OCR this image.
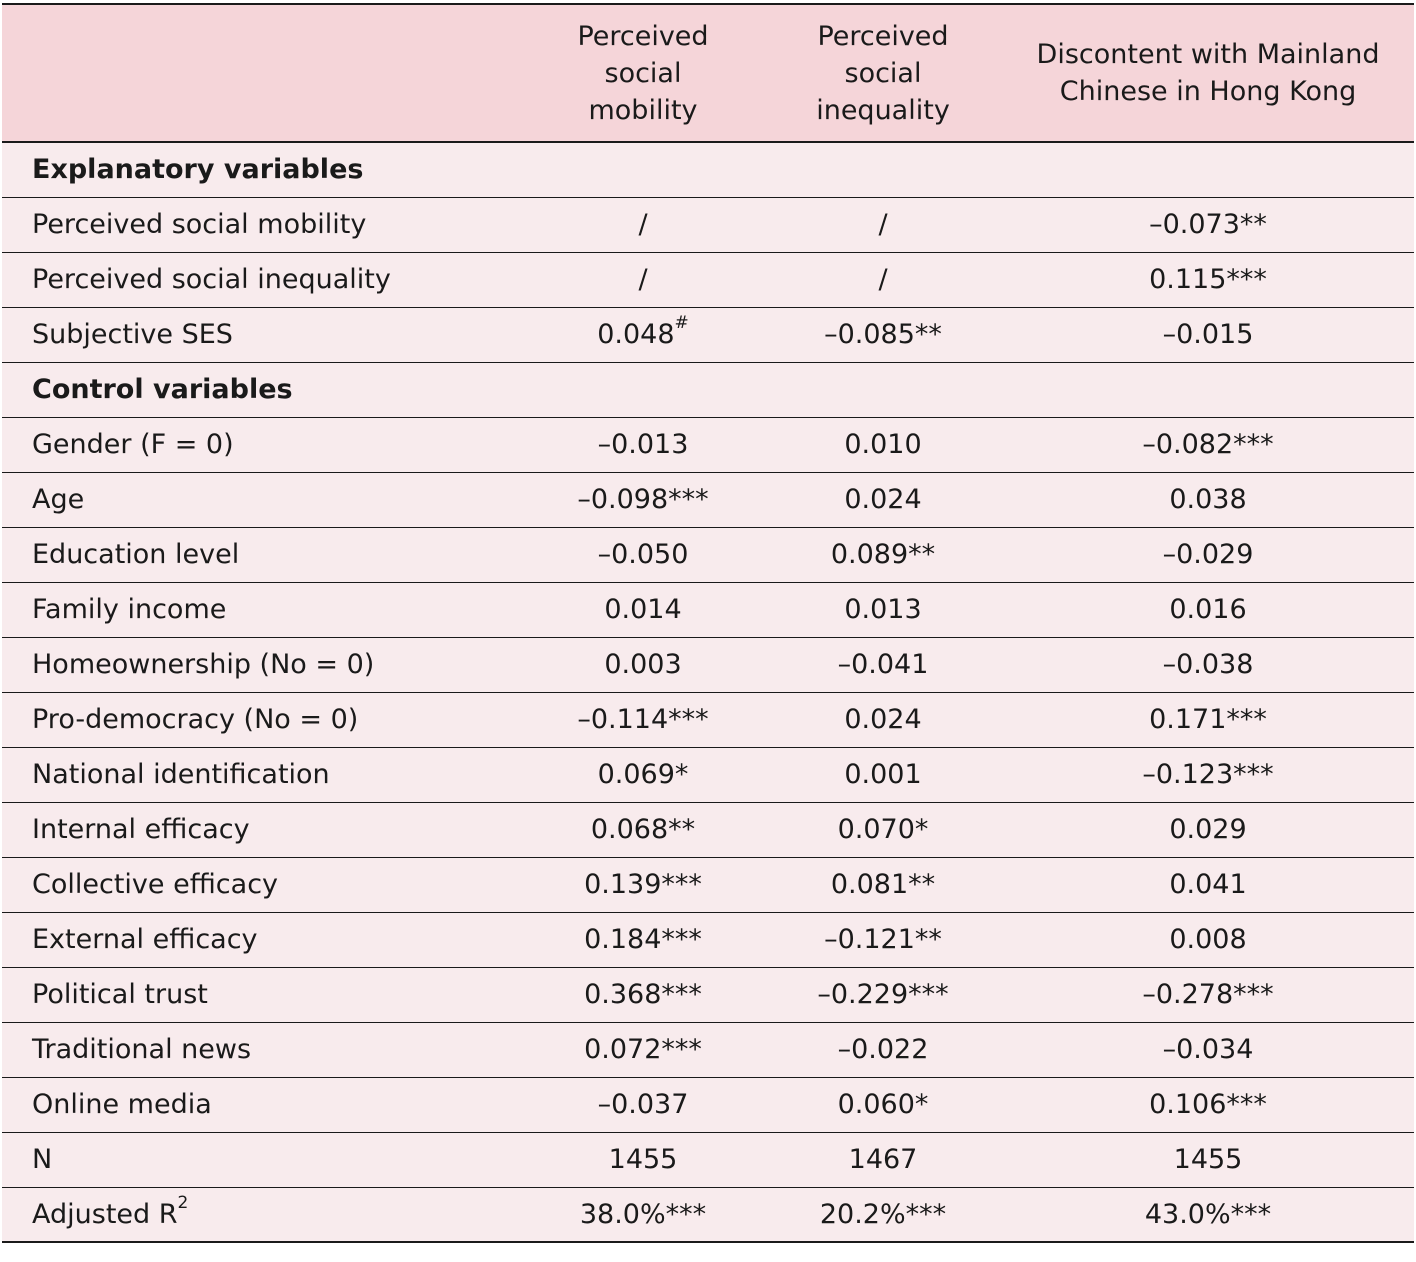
	Perceived
social
mobility	Perceived
social
inequality	Discontent with Mainland
Chinese in Hong Kong

Explanatory variables			
Perceived social mobility	/	/	–0.073**
Perceived social inequality	/	/	0.115***
Subjective SES	0.048#	–0.085**	–0.015
Control variables			
Gender (F = 0)	–0.013	0.010	–0.082***
Age	–0.098***	0.024	0.038
Education level	–0.050	0.089**	–0.029
Family income	0.014	0.013	0.016
Homeownership (No = 0)	0.003	–0.041	–0.038
Pro-democracy (No = 0)	–0.114***	0.024	0.171***
National identification	0.069*	0.001	–0.123***
Internal efficacy	0.068**	0.070*	0.029
Collective efficacy	0.139***	0.081**	0.041
External efficacy	0.184***	–0.121**	0.008
Political trust	0.368***	–0.229***	–0.278***
Traditional news	0.072***	–0.022	–0.034
Online media	–0.037	0.060*	0.106***
N	1455	1467	1455
Adjusted $R^2$	38.0%***	20.2%***	43.0%***
